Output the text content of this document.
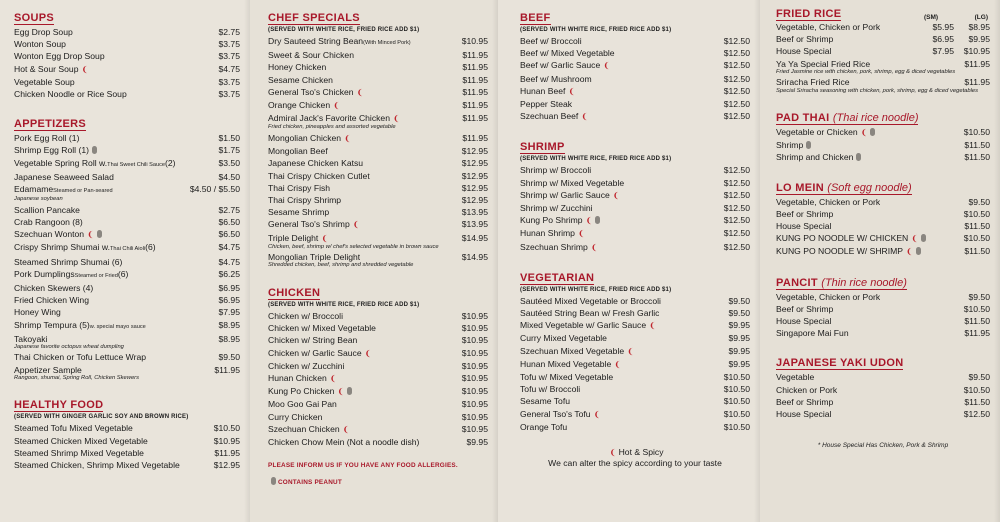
SOUPS
Egg Drop Soup	$2.75
Wonton Soup	$3.75
Wonton Egg Drop Soup	$3.75
Hot & Sour Soup ❨	$4.75
Vegetable Soup	$3.75
Chicken Noodle or Rice Soup	$3.75
APPETIZERS
Pork Egg Roll (1)	$1.50
Shrimp Egg Roll (1)	$1.75
Vegetable Spring Roll w.Thai Sweet Chili Sauce(2)	$3.50
Japanese Seaweed Salad	$4.50
EdamameSteamed or Pan-seared	$4.50 / $5.50
Japanese soybean
Scallion Pancake	$2.75
Crab Rangoon (8)	$6.50
Szechuan Wonton ❨	$6.50
Crispy Shrimp Shumai w.Thai Chili Aioli(6)	$4.75
Steamed Shrimp Shumai (6)	$4.75
Pork DumplingsSteamed or Fried(6)	$6.25
Chicken Skewers (4)	$6.95
Fried Chicken Wing	$6.95
Honey Wing	$7.95
Shrimp Tempura (5)w. special mayo sauce	$8.95
Takoyaki	$8.95
Japanese favorite octopus wheat dumpling
Thai Chicken or Tofu Lettuce Wrap	$9.50
Appetizer Sample	$11.95
Rangoon, shumai, Spring Roll, Chicken Skewers
HEALTHY FOOD
(SERVED WITH GINGER GARLIC SOY AND BROWN RICE)
Steamed Tofu Mixed Vegetable	$10.50
Steamed Chicken Mixed Vegetable	$10.95
Steamed Shrimp Mixed Vegetable	$11.95
Steamed Chicken, Shrimp Mixed Vegetable	$12.95
CHEF SPECIALS
(SERVED WITH WHITE RICE, FRIED RICE ADD $1)
Dry Sauteed String Bean(With Minced Pork)	$10.95
Sweet & Sour Chicken	$11.95
Honey Chicken	$11.95
Sesame Chicken	$11.95
General Tso's Chicken ❨	$11.95
Orange Chicken ❨	$11.95
Admiral Jack's Favorite Chicken ❨	$11.95
Fried chicken, pineapples and assorted vegetable
Mongolian Chicken ❨	$11.95
Mongolian Beef	$12.95
Japanese Chicken Katsu	$12.95
Thai Crispy Chicken Cutlet	$12.95
Thai Crispy Fish	$12.95
Thai Crispy Shrimp	$12.95
Sesame Shrimp	$13.95
General Tso's Shrimp ❨	$13.95
Triple Delight ❨	$14.95
Chicken, beef, shrimp w/ chef's selected vegetable in brown sauce
Mongolian Triple Delight	$14.95
Shredded chicken, beef, shrimp and shredded vegetable
CHICKEN
(SERVED WITH WHITE RICE, FRIED RICE ADD $1)
Chicken w/ Broccoli	$10.95
Chicken w/ Mixed Vegetable	$10.95
Chicken w/ String Bean	$10.95
Chicken w/ Garlic Sauce ❨	$10.95
Chicken w/ Zucchini	$10.95
Hunan Chicken ❨	$10.95
Kung Po Chicken ❨	$10.95
Moo Goo Gai Pan	$10.95
Curry Chicken	$10.95
Szechuan Chicken ❨	$10.95
Chicken Chow Mein (Not a noodle dish)	$9.95
PLEASE INFORM US IF YOU HAVE ANY FOOD ALLERGIES.
CONTAINS PEANUT
BEEF
(SERVED WITH WHITE RICE, FRIED RICE ADD $1)
Beef w/ Broccoli	$12.50
Beef w/ Mixed Vegetable	$12.50
Beef w/ Garlic Sauce ❨	$12.50
Beef w/ Mushroom	$12.50
Hunan Beef ❨	$12.50
Pepper Steak	$12.50
Szechuan Beef ❨	$12.50
SHRIMP
(SERVED WITH WHITE RICE, FRIED RICE ADD $1)
Shrimp w/ Broccoli	$12.50
Shrimp w/ Mixed Vegetable	$12.50
Shrimp w/ Garlic Sauce ❨	$12.50
Shrimp w/ Zucchini	$12.50
Kung Po Shrimp ❨	$12.50
Hunan Shrimp ❨	$12.50
Szechuan Shrimp ❨	$12.50
VEGETARIAN
(SERVED WITH WHITE RICE, FRIED RICE ADD $1)
Sautéed Mixed Vegetable or Broccoli	$9.50
Sautéed String Bean w/ Fresh Garlic	$9.50
Mixed Vegetable w/ Garlic Sauce ❨	$9.95
Curry Mixed Vegetable	$9.95
Szechuan Mixed Vegetable ❨	$9.95
Hunan Mixed Vegetable ❨	$9.95
Tofu w/ Mixed Vegetable	$10.50
Tofu w/ Broccoli	$10.50
Sesame Tofu	$10.50
General Tso's Tofu ❨	$10.50
Orange Tofu	$10.50
❨ Hot & Spicy
We can alter the spicy according to your taste
FRIED RICE	(SM)	(LG)
Vegetable, Chicken or Pork	$5.95	$8.95
Beef or Shrimp	$6.95	$9.95
House Special	$7.95	$10.95
Ya Ya Special Fried Rice	$11.95
Fried Jasmine rice with chicken, pork, shrimp, egg & diced vegetables
Sriracha Fried Rice	$11.95
Special Sriracha seasoning with chicken, pork, shrimp, egg & diced vegetables
PAD THAI (Thai rice noodle)
Vegetable or Chicken ❨	$10.50
Shrimp	$11.50
Shrimp and Chicken	$11.50
LO MEIN (Soft egg noodle)
Vegetable, Chicken or Pork	$9.50
Beef or Shrimp	$10.50
House Special	$11.50
KUNG PO NOODLE W/ CHICKEN ❨	$10.50
KUNG PO NOODLE W/ SHRIMP ❨	$11.50
PANCIT (Thin rice noodle)
Vegetable, Chicken or Pork	$9.50
Beef or Shrimp	$10.50
House Special	$11.50
Singapore Mai Fun	$11.95
JAPANESE YAKI UDON
Vegetable	$9.50
Chicken or Pork	$10.50
Beef or Shrimp	$11.50
House Special	$12.50
* House Special Has Chicken, Pork & Shrimp
